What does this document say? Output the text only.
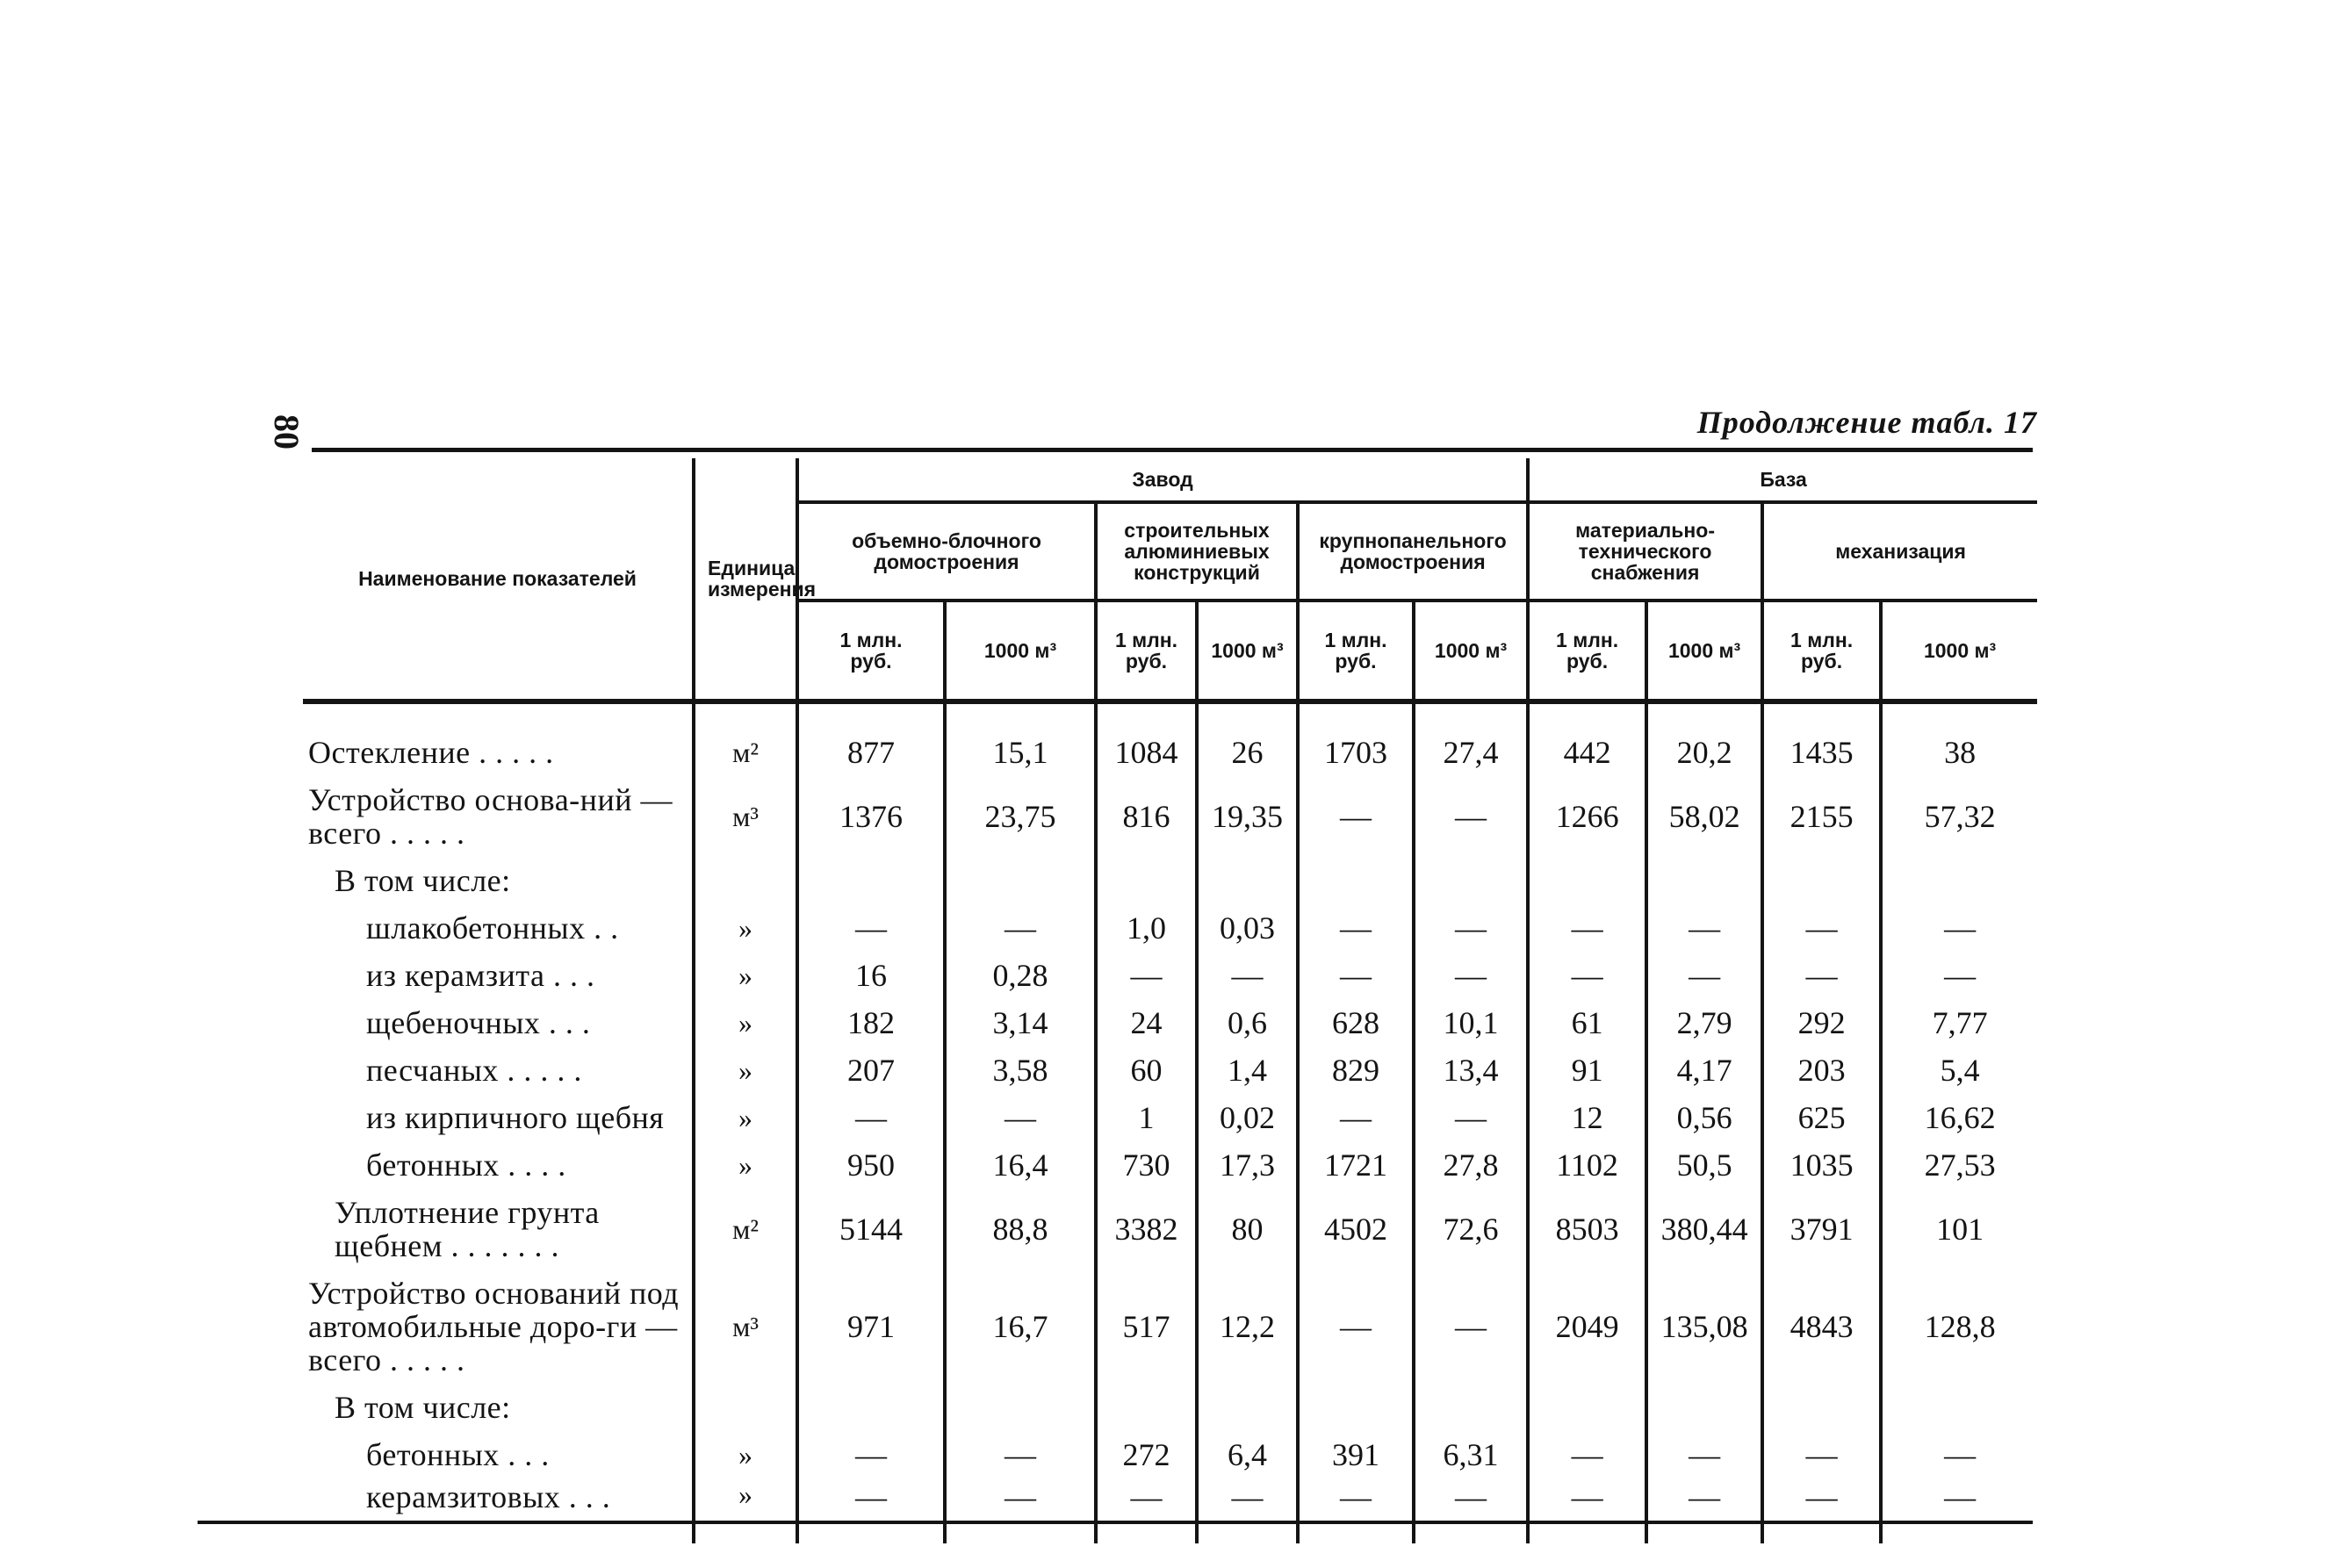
80	Продолжение табл. 17
Наименование показателей	Единица измерения	Завод						База			
		объемно-блочного домостроения		строительных алюминиевых конструкций		крупнопанельного домостроения		материально-технического снабжения		механизация	
		1 млн. руб.	1000 м³	1 млн. руб.	1000 м³	1 млн. руб.	1000 м³	1 млн. руб.	1000 м³	1 млн. руб.	1000 м³
Остекление . . . . .	м²	877	15,1	1084	26	1703	27,4	442	20,2	1435	38
Устройство основа-ний — всего . . . . .	м³	1376	23,75	816	19,35	—	—	1266	58,02	2155	57,32
В том числе:											
шлакобетонных . .	»	—	—	1,0	0,03	—	—	—	—	—	—
из керамзита . . .	»	16	0,28	—	—	—	—	—	—	—	—
щебеночных . . .	»	182	3,14	24	0,6	628	10,1	61	2,79	292	7,77
песчаных . . . . .	»	207	3,58	60	1,4	829	13,4	91	4,17	203	5,4
из кирпичного щебня	»	—	—	1	0,02	—	—	12	0,56	625	16,62
бетонных . . . .	»	950	16,4	730	17,3	1721	27,8	1102	50,5	1035	27,53
Уплотнение грунта щебнем . . . . . . .	м²	5144	88,8	3382	80	4502	72,6	8503	380,44	3791	101
Устройство оснований под автомобильные доро-ги — всего . . . . .	м³	971	16,7	517	12,2	—	—	2049	135,08	4843	128,8
В том числе:											
бетонных . . .	»	—	—	272	6,4	391	6,31	—	—	—	—
керамзитовых . . .	»	—	—	—	—	—	—	—	—	—	—
